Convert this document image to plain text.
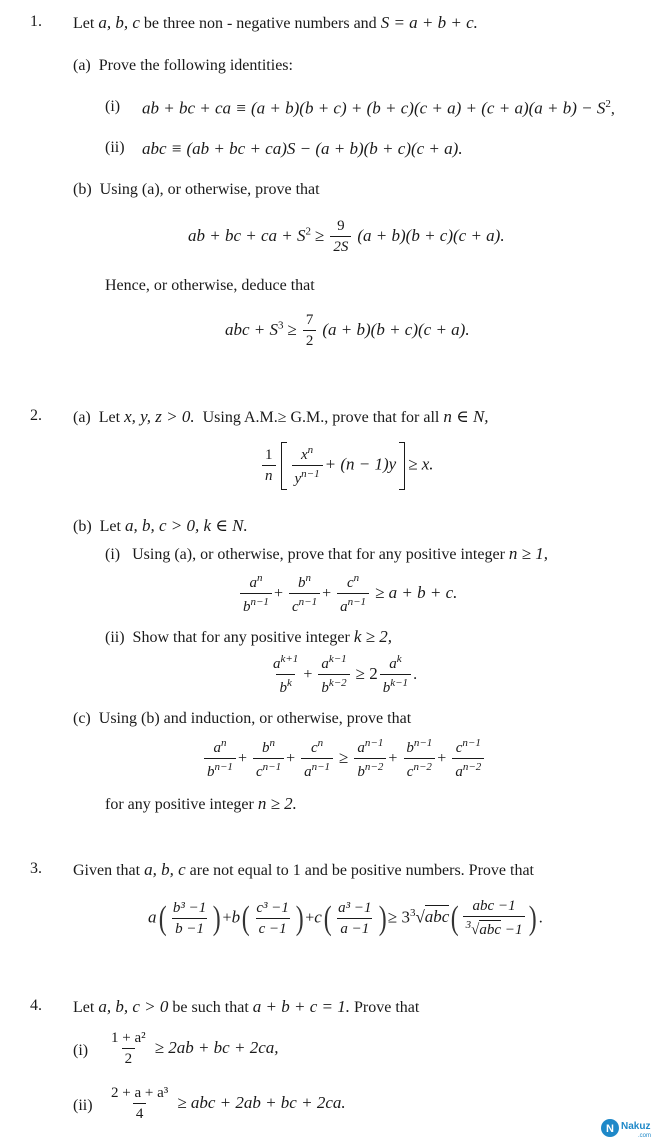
1. Let a, b, c be three non - negative numbers and S = a + b + c.
(a) Prove the following identities:
(i) ab + bc + ca ≡ $(a + b)(b + c) + (b + c)(c + a) + (c + a)(a + b) - S^2$,
(ii) abc ≡ (ab + bc + ca)S − (a + b)(b + c)(c + a).
(b) Using (a), or otherwise, prove that
ab + bc + ca + $S^2 \ge \frac{9}{2S} (a + b)(b + c)(c + a)$.
Hence, or otherwise, deduce that
abc + $S^3 \ge \frac{7}{2} (a + b)(b + c)(c + a)$.
2. (a) Let x, y, z > 0. Using A.M.≥ G.M., prove that for all n ∈ N,
$\frac{1}{n} \frac{x^n}{y^{n-1}} + (n - 1)y \ge x$.
(b) Let a, b, c > 0, k ∈ N.
(i) Using (a), or otherwise, prove that for any positive integer n ≥ 1,
$\frac{a^n}{b^{n-1}} + \frac{b^n}{c^{n-1}} + \frac{c^n}{a^{n-1}} \ge a + b + c$.
(ii) Show that for any positive integer k ≥ 2,
$\frac{a^{k+1}}{b^k} + \frac{a^{k-1}}{b^{k-2}} \ge 2 \frac{a^k}{b^{k-1}}$ .
(c) Using (b) and induction, or otherwise, prove that
$\frac{a^n}{b^{n-1}} + \frac{b^n}{c^{n-1}} + \frac{c^n}{a^{n-1}} \ge \frac{a^{n-1}}{b^{n-2}} + \frac{b^{n-1}}{c^{n-2}} + \frac{c^{n-1}}{a^{n-2}}$
for any positive integer n ≥ 2.
3. Given that a, b, c are not equal to 1 and be positive numbers. Prove that
$a( \frac{\text{b³ −1}}{b -1}$ ) $+b( \frac{\text{c³ −1}}{c -1}$ ) $+c( \frac{\text{a³ −1}}{a -1}$ )≥ $3^3√abc( \frac{\text{abc −1}}{^3√abc -1}$ ) .
4. Let a, b, c > 0 be such that a + b + c = 1. Prove that
$(i) \frac{\text{1 + a²}}{2} \ge 2ab$ + bc + 2ca,
$(ii) \frac{\text{2 + a + a³}}{4}$ ≥ abc + 2ab + bc + 2ca.
N Nakuz
.com
